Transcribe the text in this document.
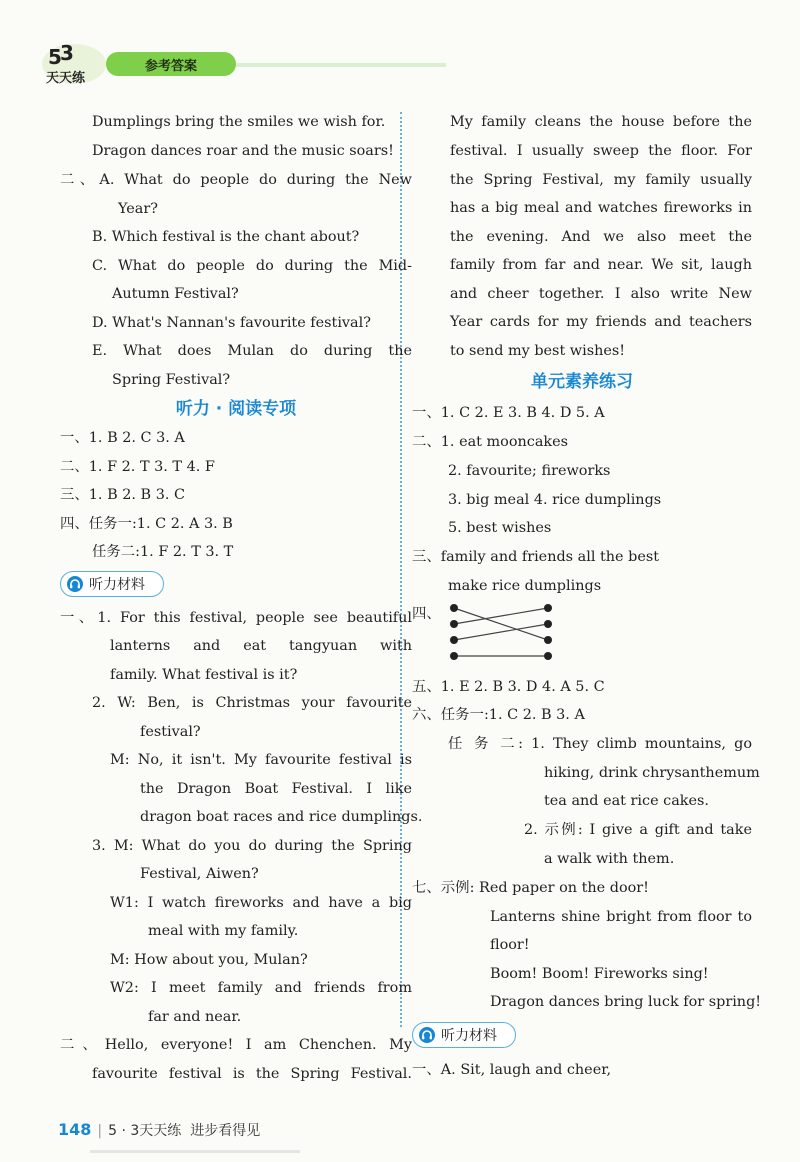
5
3
天天练
参考答案
Dumplings bring the smiles we wish for.
Dragon dances roar and the music soars!
二、A. What do people do during the New
Year?
B. Which festival is the chant about?
C. What do people do during the Mid-
Autumn Festival?
D. What's Nannan's favourite festival?
E. What does Mulan do during the
Spring Festival?
听力 · 阅读专项
一、1. B 2. C 3. A
二、1. F 2. T 3. T 4. F
三、1. B 2. B 3. C
四、任务一:1. C 2. A 3. B
任务二:1. F 2. T 3. T
听力材料
一、1. For this festival, people see beautiful
lanterns and eat tangyuan with
family. What festival is it?
2. W: Ben, is Christmas your favourite
festival?
M: No, it isn't. My favourite festival is
the Dragon Boat Festival. I like
dragon boat races and rice dumplings.
3. M: What do you do during the Spring
Festival, Aiwen?
W1: I watch fireworks and have a big
meal with my family.
M: How about you, Mulan?
W2: I meet family and friends from
far and near.
二、Hello, everyone! I am Chenchen. My
favourite festival is the Spring Festival.
My family cleans the house before the
festival. I usually sweep the floor. For
the Spring Festival, my family usually
has a big meal and watches fireworks in
the evening. And we also meet the
family from far and near. We sit, laugh
and cheer together. I also write New
Year cards for my friends and teachers
to send my best wishes!
单元素养练习
一、1. C 2. E 3. B 4. D 5. A
二、1. eat mooncakes
2. favourite; fireworks
3. big meal 4. rice dumplings
5. best wishes
三、family and friends all the best
make rice dumplings
四、
五、1. E 2. B 3. D 4. A 5. C
六、任务一:1. C 2. B 3. A
任 务 二: 1. They climb mountains, go
hiking, drink chrysanthemum
tea and eat rice cakes.
2. 示例: I give a gift and take
a walk with them.
七、示例: Red paper on the door!
Lanterns shine bright from floor to
floor!
Boom! Boom! Fireworks sing!
Dragon dances bring luck for spring!
听力材料
一、A. Sit, laugh and cheer,
148 | 5 · 3天天练 进步看得见
